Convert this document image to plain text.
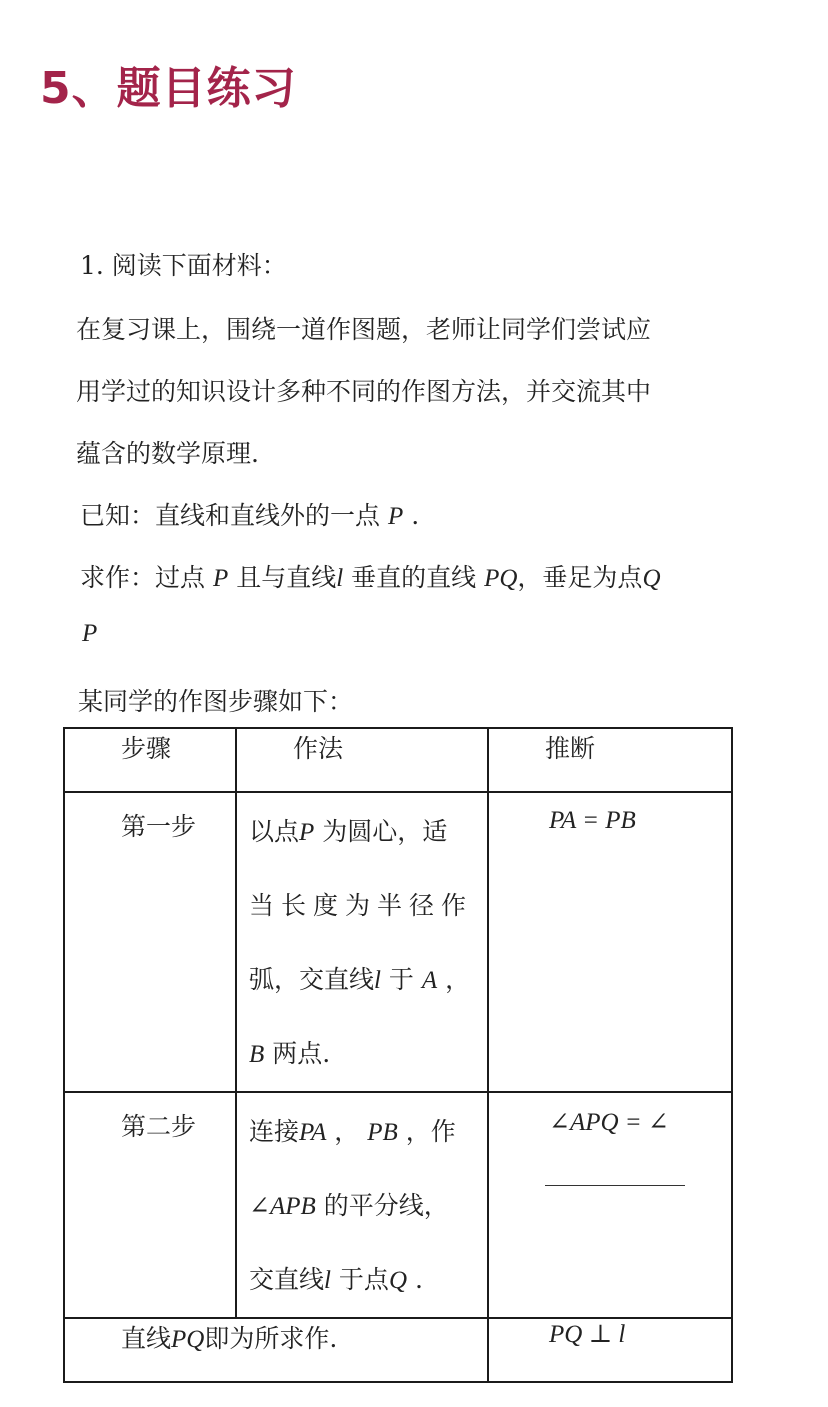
5、题目练习
1. 阅读下面材料：
在复习课上，围绕一道作图题，老师让同学们尝试应
用学过的知识设计多种不同的作图方法，并交流其中
蕴含的数学原理.
已知：直线和直线外的一点 P .
求作：过点 P 且与直线l 垂直的直线 PQ，垂足为点Q
P
某同学的作图步骤如下：
步骤	作法	推断

第一步	以点P 为圆心，适
当长度为半径作
弧，交直线l 于 A ，
B 两点.	PA = PB

第二步	连接PA ， PB ，作
∠APB 的平分线，
交直线l 于点Q .	∠APQ = ∠

直线PQ即为所求作.		PQ ⊥ l
